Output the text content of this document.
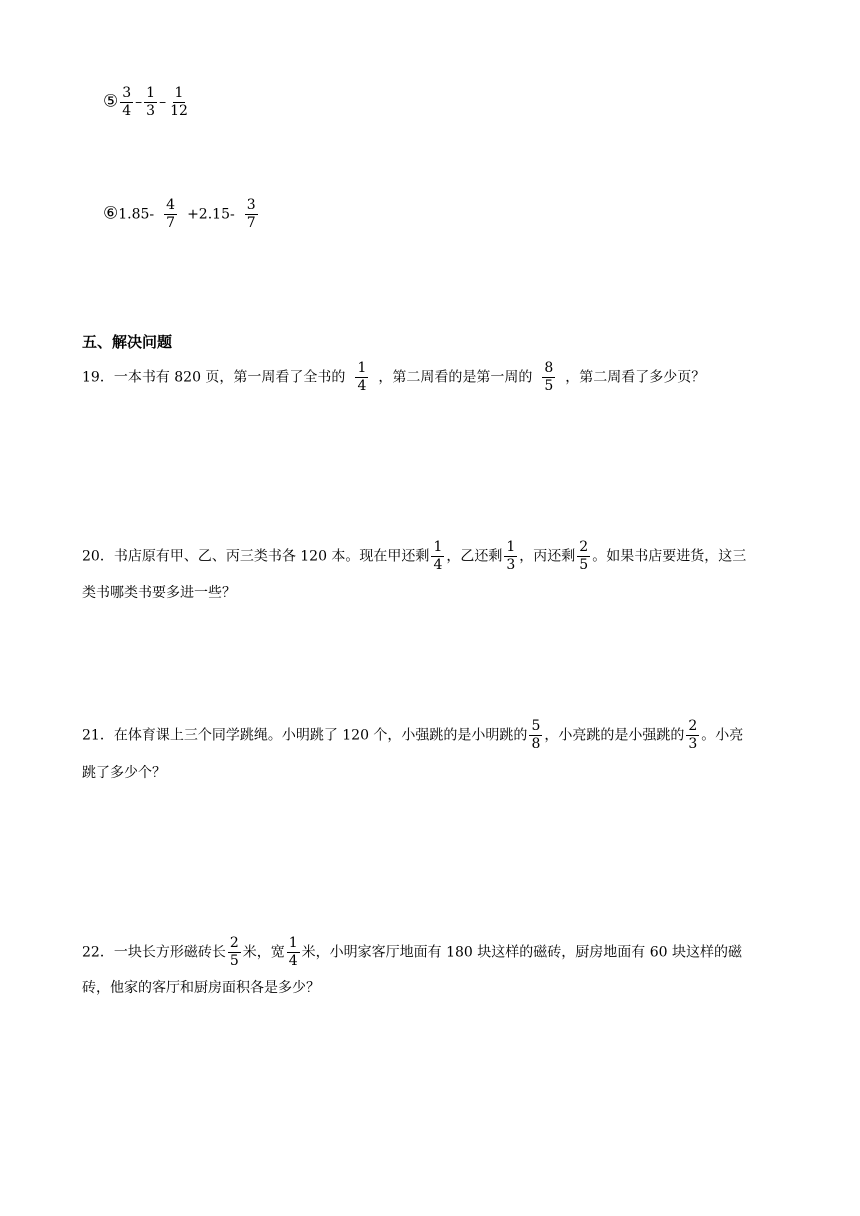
⑤ $\frac{3}{4} - \frac{1}{3} - \frac{1}{12}$
⑥1.85- $\frac{4}{7} +2.15- \frac{3}{7}$
五、解决问题
19．一本书有 820 页，第一周看了全书的 $\frac{1}{4}$ ，第二周看的是第一周的 $\frac{8}{5}$ ，第二周看了多少页？
20．书店原有甲、乙、丙三类书各 120 本。现在甲还剩 $\frac{1}{4}$ ，乙还剩 $\frac{1}{3}$ ，丙还剩 $\frac{2}{5}$ 。如果书店要进货，这三
类书哪类书要多进一些？
21．在体育课上三个同学跳绳。小明跳了 120 个，小强跳的是小明跳的 $\frac{5}{8}$ ，小亮跳的是小强跳的 $\frac{2}{3}$ 。小亮
跳了多少个？
22．一块长方形磁砖长 $\frac{2}{5}$ 米，宽 $\frac{1}{4}$ 米，小明家客厅地面有 180 块这样的磁砖，厨房地面有 60 块这样的磁
砖，他家的客厅和厨房面积各是多少？
